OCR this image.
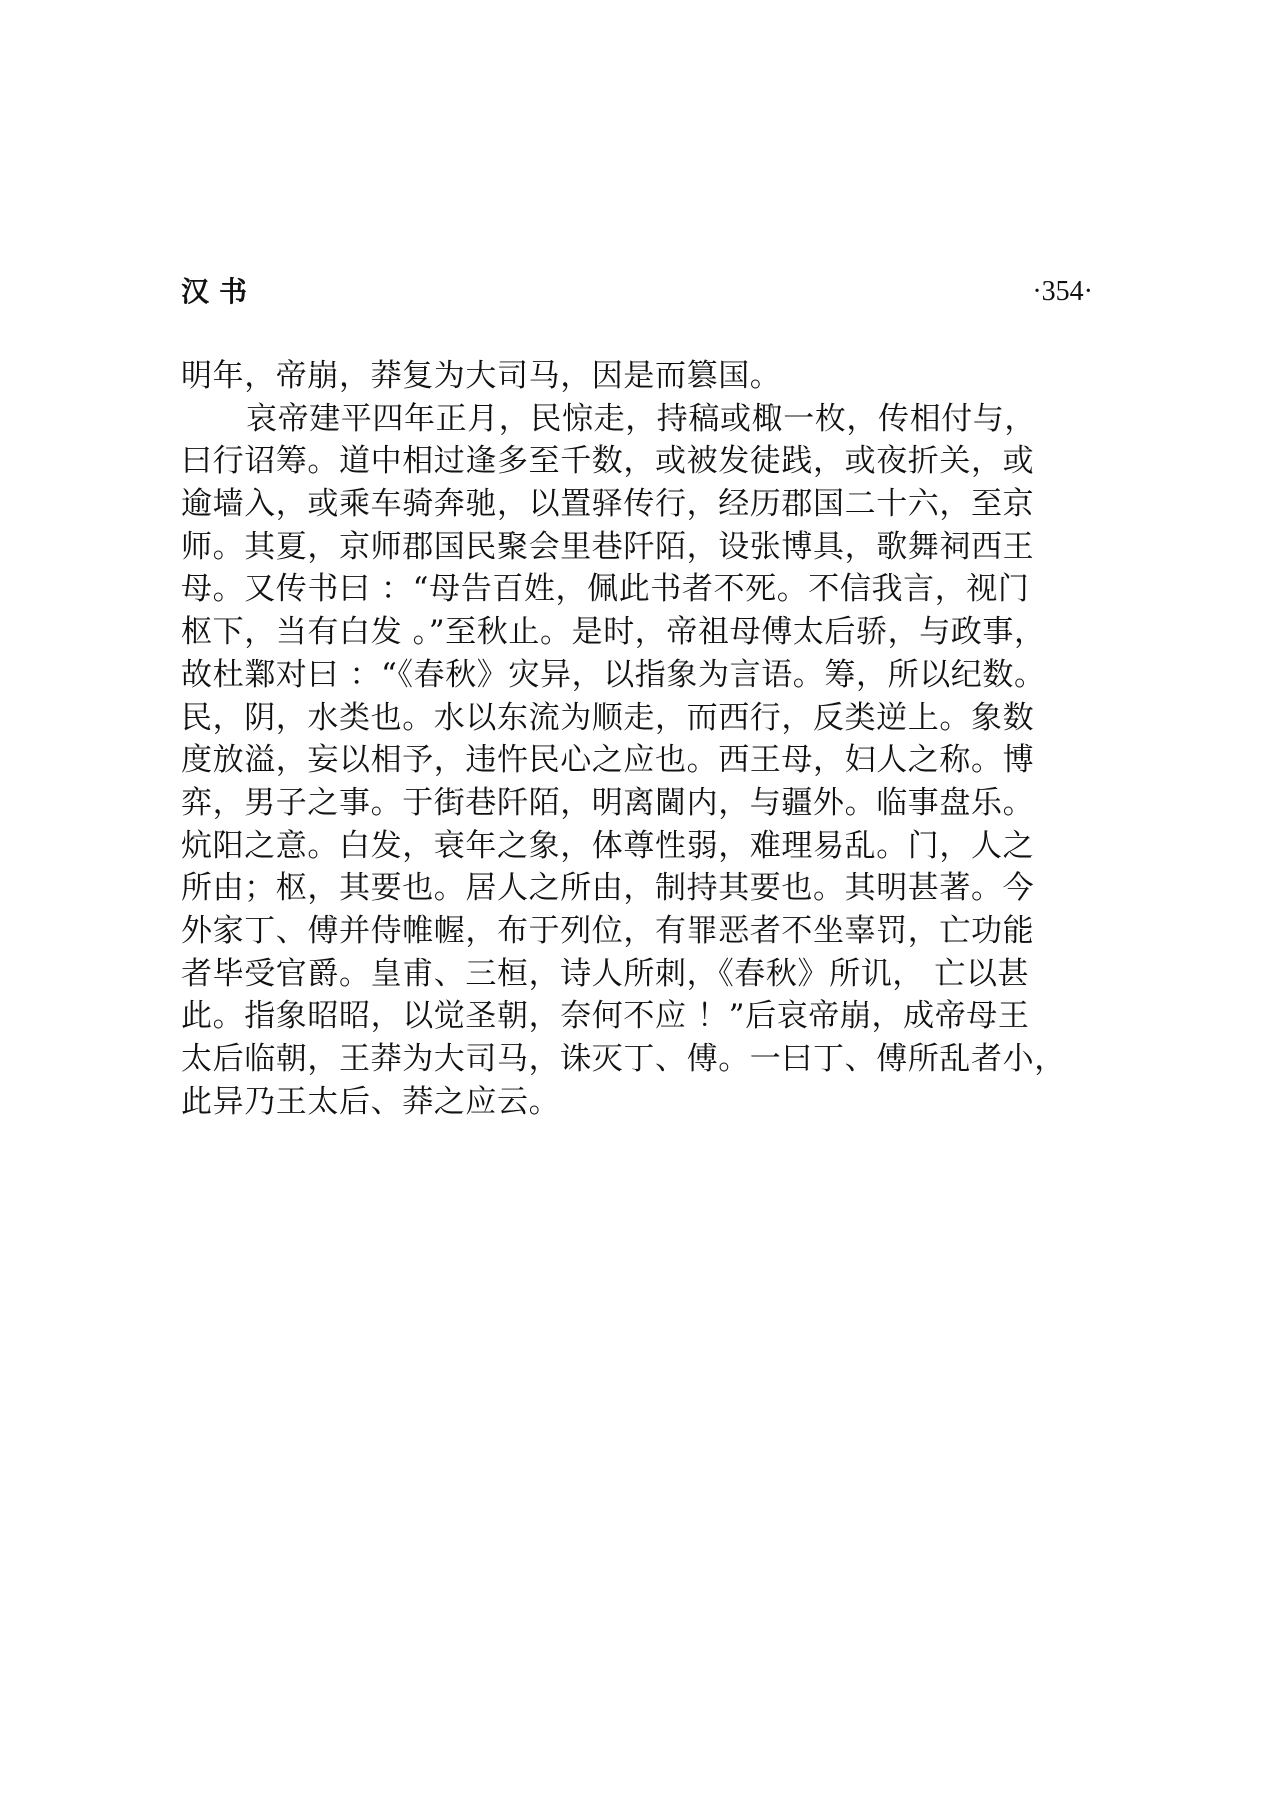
汉书	·354·
明年，帝崩，莽复为大司马，因是而篡国。
哀帝建平四年正月，民惊走，持稿或棷一枚，传相付与，
曰行诏筹。道中相过逢多至千数，或被发徒践，或夜折关，或
逾墙入，或乘车骑奔驰，以置驿传行，经历郡国二十六，至京
师。其夏，京师郡国民聚会里巷阡陌，设张博具，歌舞祠西王
母。又传书曰 ：“母告百姓，佩此书者不死。不信我言，视门
枢下，当有白发 。”至秋止。是时，帝祖母傅太后骄，与政事，
故杜鄴对曰 ：“《春秋》灾异，以指象为言语。筹，所以纪数。
民，阴，水类也。水以东流为顺走，而西行，反类逆上。象数
度放溢，妄以相予，违忤民心之应也。西王母，妇人之称。博
弈，男子之事。于街巷阡陌，明离閫内，与疆外。临事盘乐。
炕阳之意。白发，衰年之象，体尊性弱，难理易乱。门，人之
所由；枢，其要也。居人之所由，制持其要也。其明甚著。今
外家丁、傅并侍帷幄，布于列位，有罪恶者不坐辜罚，亡功能
者毕受官爵。皇甫、三桓，诗人所刺，《春秋》所讥， 亡以甚
此。指象昭昭，以觉圣朝，奈何不应 ！”后哀帝崩，成帝母王
太后临朝，王莽为大司马，诛灭丁、傅。一曰丁、傅所乱者小，
此异乃王太后、莽之应云。
